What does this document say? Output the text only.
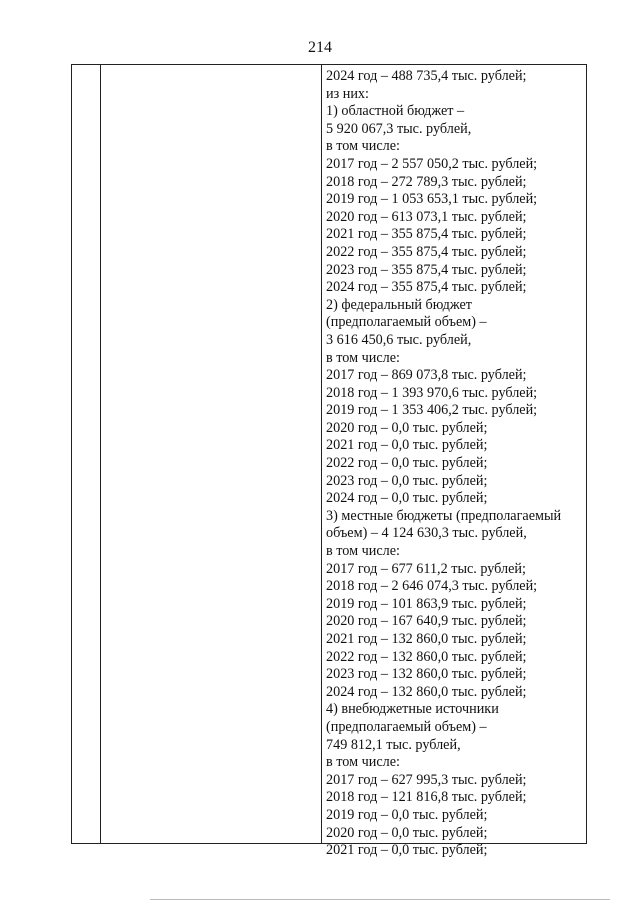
214
2024 год – 488 735,4 тыс. рублей;
из них:
1) областной бюджет –
5 920 067,3 тыс. рублей,
в том числе:
2017 год – 2 557 050,2 тыс. рублей;
2018 год – 272 789,3 тыс. рублей;
2019 год – 1 053 653,1 тыс. рублей;
2020 год – 613 073,1 тыс. рублей;
2021 год – 355 875,4 тыс. рублей;
2022 год – 355 875,4 тыс. рублей;
2023 год – 355 875,4 тыс. рублей;
2024 год – 355 875,4 тыс. рублей;
2) федеральный бюджет
(предполагаемый объем) –
3 616 450,6 тыс. рублей,
в том числе:
2017 год – 869 073,8 тыс. рублей;
2018 год – 1 393 970,6 тыс. рублей;
2019 год – 1 353 406,2 тыс. рублей;
2020 год – 0,0 тыс. рублей;
2021 год – 0,0 тыс. рублей;
2022 год – 0,0 тыс. рублей;
2023 год – 0,0 тыс. рублей;
2024 год – 0,0 тыс. рублей;
3) местные бюджеты (предполагаемый
объем) – 4 124 630,3 тыс. рублей,
в том числе:
2017 год – 677 611,2 тыс. рублей;
2018 год – 2 646 074,3 тыс. рублей;
2019 год – 101 863,9 тыс. рублей;
2020 год – 167 640,9 тыс. рублей;
2021 год – 132 860,0 тыс. рублей;
2022 год – 132 860,0 тыс. рублей;
2023 год – 132 860,0 тыс. рублей;
2024 год – 132 860,0 тыс. рублей;
4) внебюджетные источники
(предполагаемый объем) –
749 812,1 тыс. рублей,
в том числе:
2017 год – 627 995,3 тыс. рублей;
2018 год – 121 816,8 тыс. рублей;
2019 год – 0,0 тыс. рублей;
2020 год – 0,0 тыс. рублей;
2021 год – 0,0 тыс. рублей;
